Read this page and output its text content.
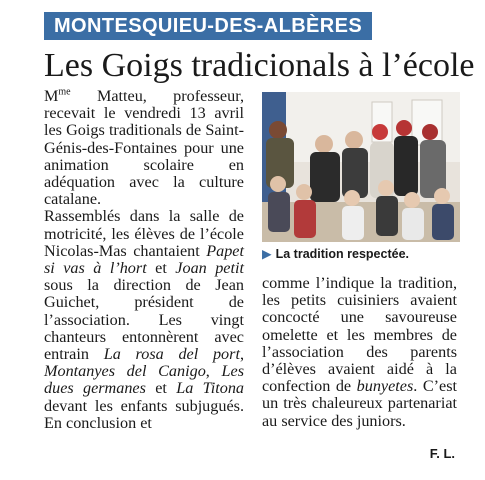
MONTESQUIEU-DES-ALBÈRES
Les Goigs tradicionals à l’école

$M^{me}$ Matteu, professeur, recevait le vendredi 13 avril les Goigs traditionals de Saint-Génis-des-Fontaines pour une animation scolaire en adéquation avec la culture catalane.

Rassemblés dans la salle de motricité, les élèves de l’école Nicolas-Mas chantaient Papet si vas à l’hort et Joan petit sous la direction de Jean Guichet, président de l’association. Les vingt chanteurs entonnèrent avec entrain La rosa del port, Montanyes del Canigo, Les dues germanes et La Titona devant les enfants subjugués. En conclusion et

▶ La tradition respectée.

comme l’indique la tradition, les petits cuisiniers avaient concocté une savoureuse omelette et les membres de l’association des parents d’élèves avaient aidé à la confection de bunyetes. C’est un très chaleureux partenariat au service des juniors.

F. L.
